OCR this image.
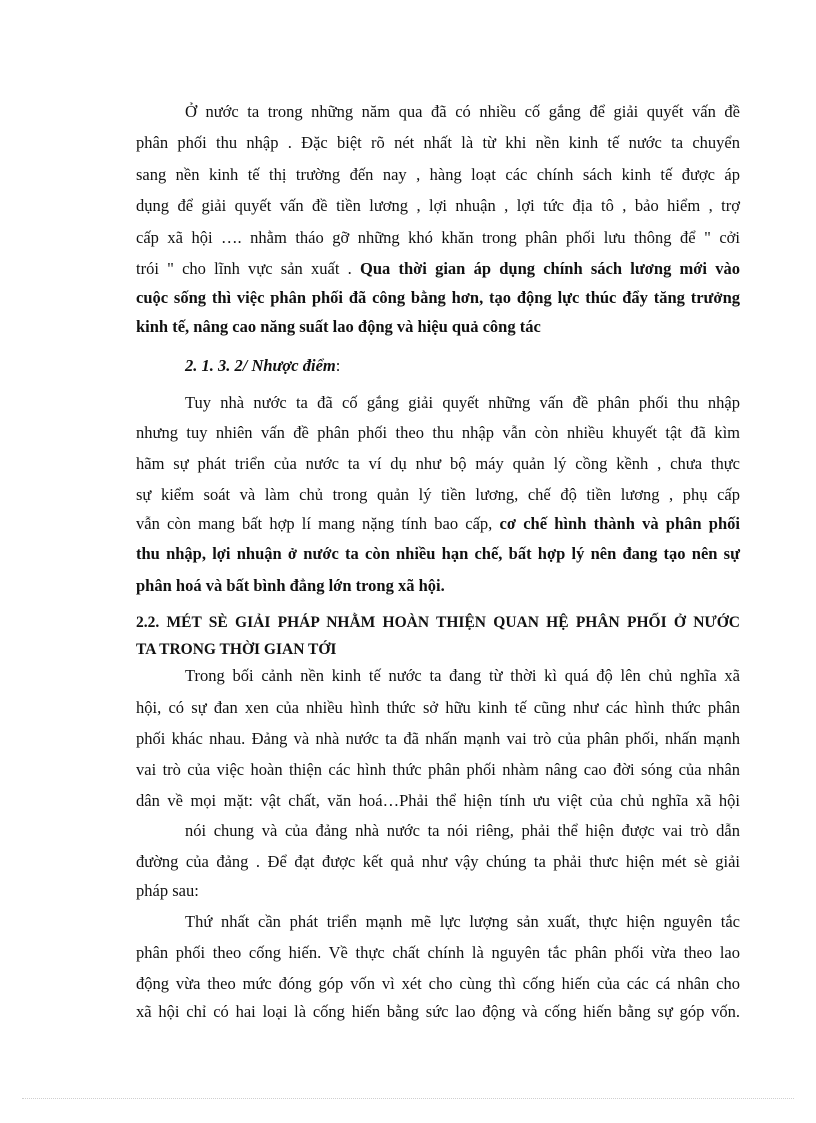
Ở nước ta trong những năm qua đã có nhiều cố gắng để giải quyết vấn đề
phân phối thu nhập . Đặc biệt rõ nét nhất là từ khi nền kinh tế nước ta chuyển
sang nền kinh tế thị trường đến nay , hàng loạt các chính sách kinh tế được áp
dụng để giải quyết vấn đề tiền lương , lợi nhuận , lợi tức địa tô , bảo hiểm , trợ
cấp xã hội …. nhằm tháo gỡ những khó khăn trong phân phối lưu thông để " cởi
trói " cho lĩnh vực sản xuất . Qua thời gian áp dụng chính sách lương mới vào
cuộc sống thì việc phân phối đã công bằng hơn, tạo động lực thúc đẩy tăng trưởng
kinh tế, nâng cao năng suất lao động và hiệu quả công tác
2. 1. 3. 2/ Nhược điểm:
Tuy nhà nước ta đã cố gắng giải quyết những vấn đề phân phối thu nhập
nhưng tuy nhiên vấn đề phân phối theo thu nhập vẫn còn nhiều khuyết tật đã kìm
hãm sự phát triển của nước ta ví dụ như bộ máy quản lý cồng kềnh , chưa thực
sự kiểm soát và làm chủ trong quản lý tiền lương, chế độ tiền lương , phụ cấp
vẫn còn mang bất hợp lí mang nặng tính bao cấp, cơ chế hình thành và phân phối
thu nhập, lợi nhuận ở nước ta còn nhiều hạn chế, bất hợp lý nên đang tạo nên sự
phân hoá và bất bình đẳng lớn trong xã hội.
2.2. MÉT SÈ GIẢI PHÁP NHẰM HOÀN THIỆN QUAN HỆ PHÂN PHỐI Ở NƯỚC
TA TRONG THỜI GIAN TỚI
Trong bối cảnh nền kinh tế nước ta đang từ thời kì quá độ lên chủ nghĩa xã
hội, có sự đan xen của nhiều hình thức sở hữu kinh tế cũng như các hình thức phân
phối khác nhau. Đảng và nhà nước ta đã nhấn mạnh vai trò của phân phối, nhấn mạnh
vai trò của việc hoàn thiện các hình thức phân phối nhàm nâng cao đời sóng của nhân
dân về mọi mặt: vật chất, văn hoá…Phải thể hiện tính ưu việt của chủ nghĩa xã hội
nói chung và của đảng nhà nước ta nói riêng, phải thể hiện được vai trò dẫn
đường của đảng . Để đạt được kết quả như vậy chúng ta phải thưc hiện mét sè giải
pháp sau:
Thứ nhất cần phát triển mạnh mẽ lực lượng sản xuất, thực hiện nguyên tắc
phân phối theo cống hiến. Về thực chất chính là nguyên tắc phân phối vừa theo lao
động vừa theo mức đóng góp vốn vì xét cho cùng thì cống hiến của các cá nhân cho
xã hội chỉ có hai loại là cống hiến bằng sức lao động và cống hiến bằng sự góp vốn.
